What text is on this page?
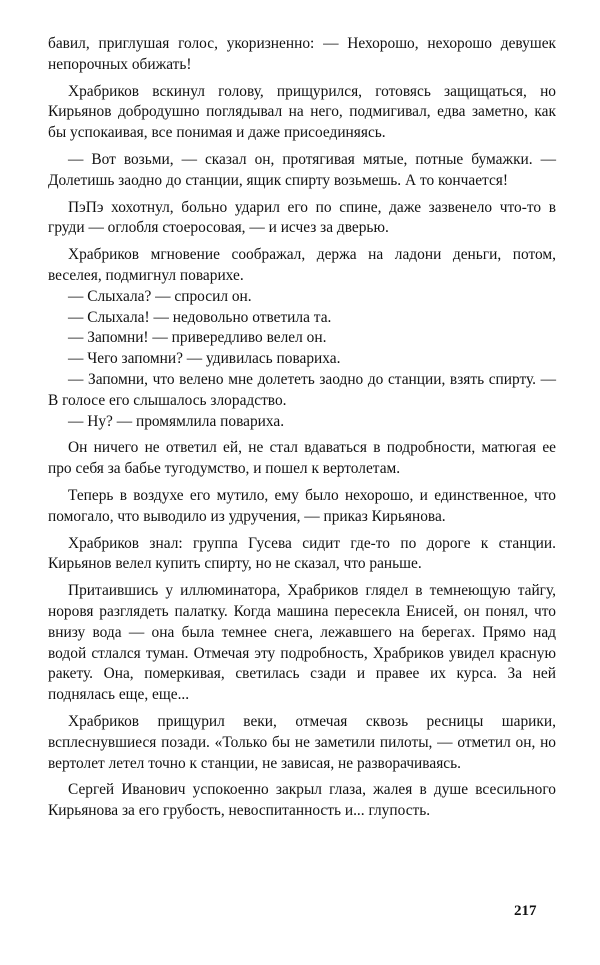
бавил, приглушая голос, укоризненно: — Нехорошо, нехорошо девушек непорочных обижать!

Храбриков вскинул голову, прищурился, готовясь защищаться, но Кирьянов добродушно поглядывал на него, подмигивал, едва заметно, как бы успокаивая, все понимая и даже присоединяясь.

— Вот возьми, — сказал он, протягивая мятые, потные бумажки. — Долетишь заодно до станции, ящик спирту возьмешь. А то кончается!

ПэПэ хохотнул, больно ударил его по спине, даже зазвенело что-то в груди — оглобля стоеросовая, — и исчез за дверью.

Храбриков мгновение соображал, держа на ладони деньги, потом, веселея, подмигнул поварихе.

— Слыхала? — спросил он.

— Слыхала! — недовольно ответила та.

— Запомни! — привередливо велел он.

— Чего запомни? — удивилась повариха.

— Запомни, что велено мне долететь заодно до станции, взять спирту. — В голосе его слышалось злорадство.

— Ну? — промямлила повариха.

Он ничего не ответил ей, не стал вдаваться в подробности, матюгая ее про себя за бабье тугодумство, и пошел к вертолетам.

Теперь в воздухе его мутило, ему было нехорошо, и единственное, что помогало, что выводило из удручения, — приказ Кирьянова.

Храбриков знал: группа Гусева сидит где-то по дороге к станции. Кирьянов велел купить спирту, но не сказал, что раньше.

Притаившись у иллюминатора, Храбриков глядел в темнеющую тайгу, норовя разглядеть палатку. Когда машина пересекла Енисей, он понял, что внизу вода — она была темнее снега, лежавшего на берегах. Прямо над водой стлался туман. Отмечая эту подробность, Храбриков увидел красную ракету. Она, померкивая, светилась сзади и правее их курса. За ней поднялась еще, еще...

Храбриков прищурил веки, отмечая сквозь ресницы шарики, всплеснувшиеся позади. «Только бы не заметили пилоты, — отметил он, но вертолет летел точно к станции, не зависая, не разворачиваясь.

Сергей Иванович успокоенно закрыл глаза, жалея в душе всесильного Кирьянова за его грубость, невоспитанность и... глупость.

217
